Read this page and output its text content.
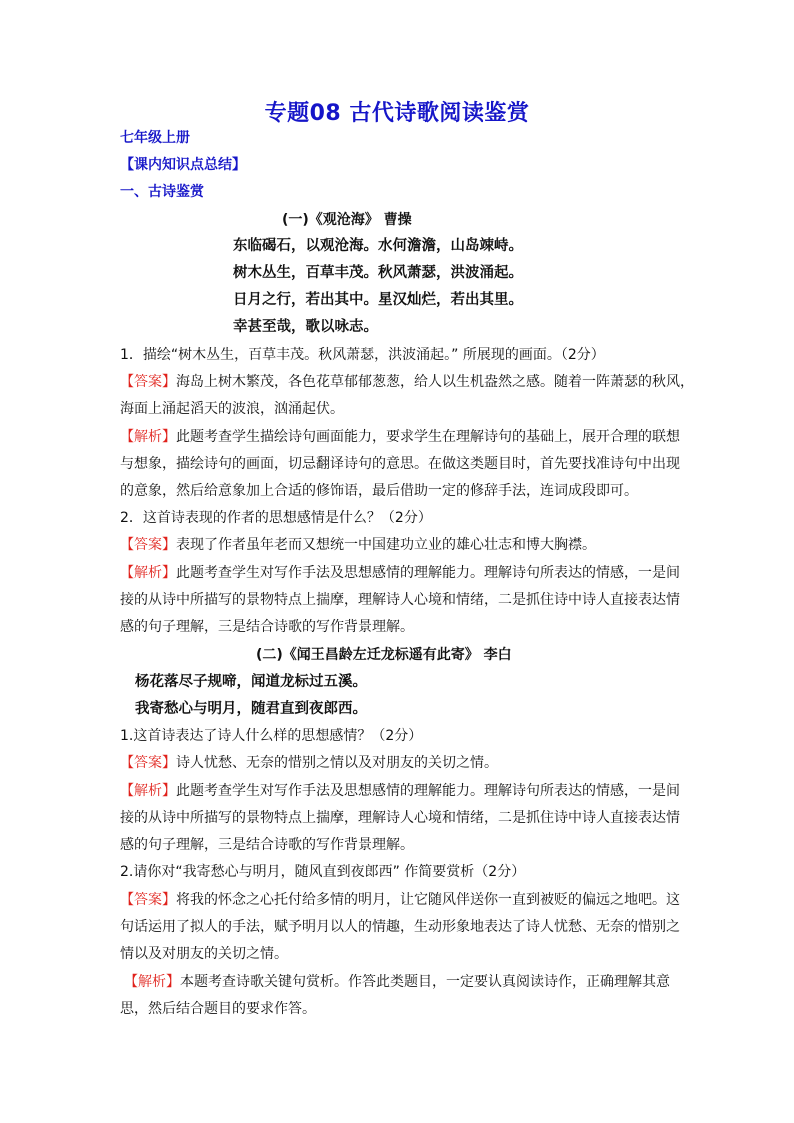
专题08 古代诗歌阅读鉴赏
七年级上册
【课内知识点总结】
一、古诗鉴赏
(一)《观沧海》 曹操
东临碣石，以观沧海。水何澹澹，山岛竦峙。
树木丛生，百草丰茂。秋风萧瑟，洪波涌起。
日月之行，若出其中。星汉灿烂，若出其里。
幸甚至哉，歌以咏志。
1．描绘“树木丛生，百草丰茂。秋风萧瑟，洪波涌起。” 所展现的画面。（2分）
【答案】海岛上树木繁茂，各色花草郁郁葱葱，给人以生机盎然之感。随着一阵萧瑟的秋风，
海面上涌起滔天的波浪，汹涌起伏。
【解析】此题考查学生描绘诗句画面能力，要求学生在理解诗句的基础上，展开合理的联想
与想象，描绘诗句的画面，切忌翻译诗句的意思。在做这类题目时，首先要找准诗句中出现
的意象，然后给意象加上合适的修饰语，最后借助一定的修辞手法，连词成段即可。
2．这首诗表现的作者的思想感情是什么？（2分）
【答案】表现了作者虽年老而又想统一中国建功立业的雄心壮志和博大胸襟。
【解析】此题考查学生对写作手法及思想感情的理解能力。理解诗句所表达的情感，一是间
接的从诗中所描写的景物特点上揣摩，理解诗人心境和情绪，二是抓住诗中诗人直接表达情
感的句子理解，三是结合诗歌的写作背景理解。
(二)《闻王昌龄左迁龙标遥有此寄》 李白
杨花落尽子规啼，闻道龙标过五溪。
我寄愁心与明月，随君直到夜郎西。
1.这首诗表达了诗人什么样的思想感情？（2分）
【答案】诗人忧愁、无奈的惜别之情以及对朋友的关切之情。
【解析】此题考查学生对写作手法及思想感情的理解能力。理解诗句所表达的情感，一是间
接的从诗中所描写的景物特点上揣摩，理解诗人心境和情绪，二是抓住诗中诗人直接表达情
感的句子理解，三是结合诗歌的写作背景理解。
2.请你对“我寄愁心与明月，随风直到夜郎西” 作简要赏析（2分）
【答案】将我的怀念之心托付给多情的明月，让它随风伴送你一直到被贬的偏远之地吧。这
句话运用了拟人的手法，赋予明月以人的情趣，生动形象地表达了诗人忧愁、无奈的惜别之
情以及对朋友的关切之情。
【解析】本题考查诗歌关键句赏析。作答此类题目，一定要认真阅读诗作，正确理解其意
思，然后结合题目的要求作答。
